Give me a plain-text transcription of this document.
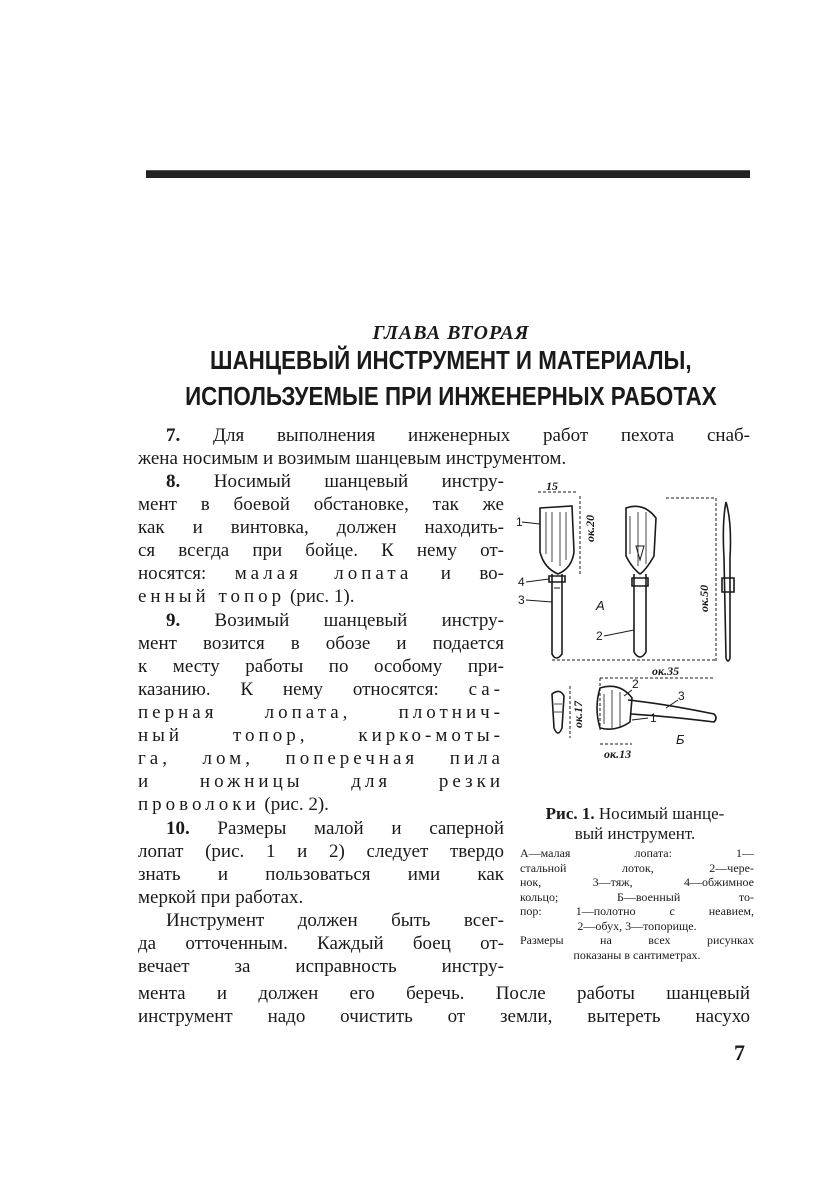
ГЛАВА ВТОРАЯ
ШАНЦЕВЫЙ ИНСТРУМЕНТ И МАТЕРИАЛЫ,
ИСПОЛЬЗУЕМЫЕ ПРИ ИНЖЕНЕРНЫХ РАБОТАХ
7. Для выполнения инженерных работ пехота снаб-
жена носимым и возимым шанцевым инструментом.
8. Носимый шанцевый инстру-
мент в боевой обстановке, так же
как и винтовка, должен находить-
ся всегда при бойце. К нему от-
носятся: малая лопата и во-
енный топор (рис. 1).
9. Возимый шанцевый инстру-
мент возится в обозе и подается
к месту работы по особому при-
казанию. К нему относятся: са-
перная лопата, плотнич-
ный топор, кирко-моты-
га, лом, поперечная пила
и ножницы для резки
проволоки (рис. 2).
10. Размеры малой и саперной
лопат (рис. 1 и 2) следует твердо
знать и пользоваться ими как
меркой при работах.
Инструмент должен быть всег-
да отточенным. Каждый боец от-
вечает за исправность инстру-
мента и должен его беречь. После работы шанцевый
инструмент надо очистить от земли, вытереть насухо
15
ок.20
ок.50
ок.35
ок.17
ок.13
1
4
3
2
2
3
1
А
Б
Рис. 1. Носимый шанце-
вый инструмент.
А—малая лопата: 1—
стальной лоток, 2—чере-
нок, 3—тяж, 4—обжимное
кольцо; Б—военный то-
пор: 1—полотно с неавием,
2—обух, 3—топорище.
Размеры на всех рисунках
показаны в сантиметрах.
7
